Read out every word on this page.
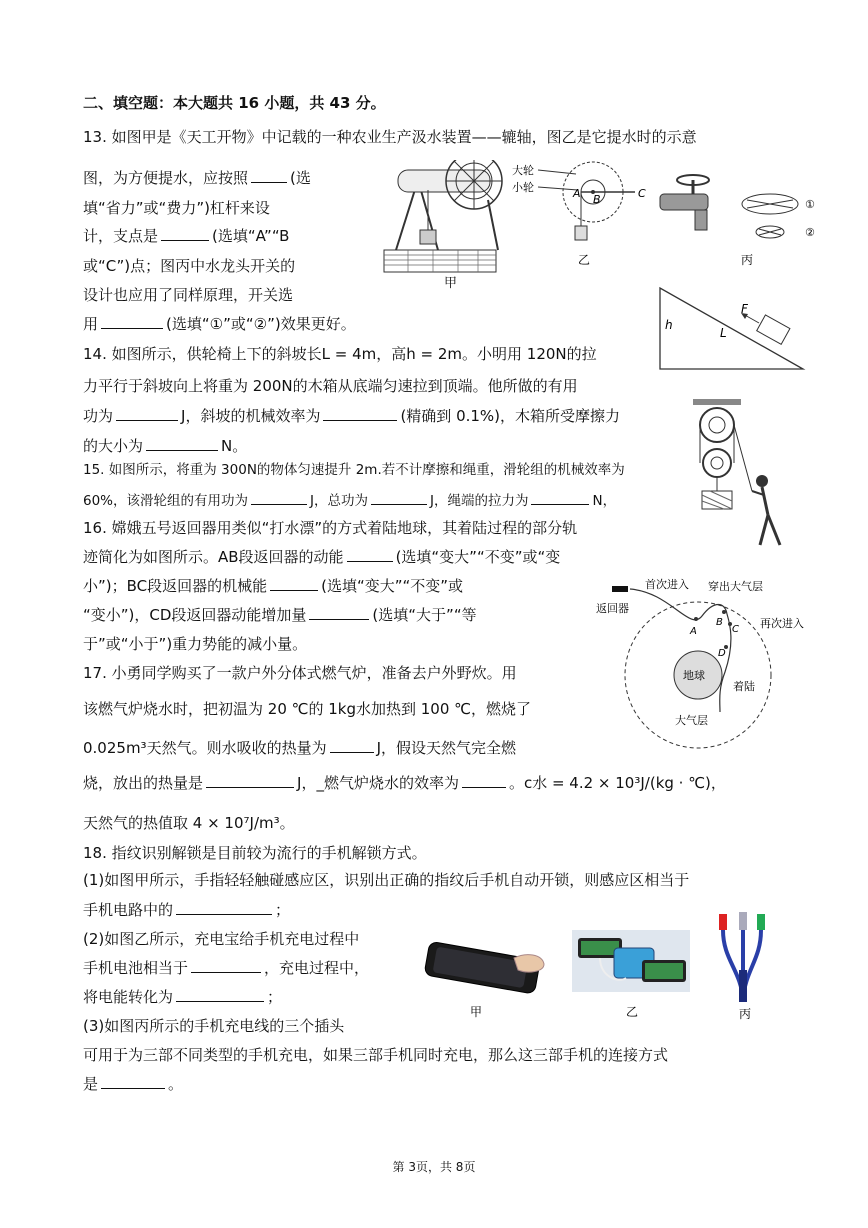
二、填空题：本大题共 16 小题，共 43 分。
13. 如图甲是《天工开物》中记载的一种农业生产汲水装置——辘轴，图乙是它提水时的示意
图，为方便提水，应按照	(选
填“省力”或“费力”)杠杆来设
计，支点是	(选填“A”“B
或“C”)点；图丙中水龙头开关的
设计也应用了同样原理，开关选
用	(选填“①”或“②”)效果更好。
甲
A B	C
大轮
小轮
乙
①
②
丙
h
L
F
14. 如图所示，供轮椅上下的斜坡长L = 4m，高h = 2m。小明用 120N的拉
力平行于斜坡向上将重为 200N的木箱从底端匀速拉到顶端。他所做的有用
功为	J，斜坡的机械效率为	(精确到 0.1%)，木箱所受摩擦力
的大小为	N。
15. 如图所示，将重为 300N的物体匀速提升 2m.若不计摩擦和绳重，滑轮组的机械效率为
60%，该滑轮组的有用功为	J，总功为	J，绳端的拉力为	N，
16. 嫦娥五号返回器用类似“打水漂”的方式着陆地球，其着陆过程的部分轨
迹简化为如图所示。AB段返回器的动能	(选填“变大”“不变”或“变
小”)；BC段返回器的机械能	(选填“变大”“不变”或
“变小”)，CD段返回器动能增加量	(选填“大于”“等
于”或“小于”)重力势能的减小量。
首次进入 穿出大气层
返回器
再次进入
地球
着陆
大气层
A
B
C
D
17. 小勇同学购买了一款户外分体式燃气炉，准备去户外野炊。用
该燃气炉烧水时，把初温为 20 ℃的 1kg水加热到 100 ℃，燃烧了
0.025m³天然气。则水吸收的热量为	J，假设天然气完全燃
烧，放出的热量是	J，_燃气炉烧水的效率为	。c水 = 4.2 × 10³J/(kg · ℃)，
天然气的热值取 4 × 10⁷J/m³。
18. 指纹识别解锁是目前较为流行的手机解锁方式。
(1)如图甲所示，手指轻轻触碰感应区，识别出正确的指纹后手机自动开锁，则感应区相当于
手机电路中的	；
(2)如图乙所示，充电宝给手机充电过程中
手机电池相当于	，充电过程中，
将电能转化为	；
(3)如图丙所示的手机充电线的三个插头
可用于为三部不同类型的手机充电，如果三部手机同时充电，那么这三部手机的连接方式
是	。
甲	乙	丙
第 3页，共 8页
